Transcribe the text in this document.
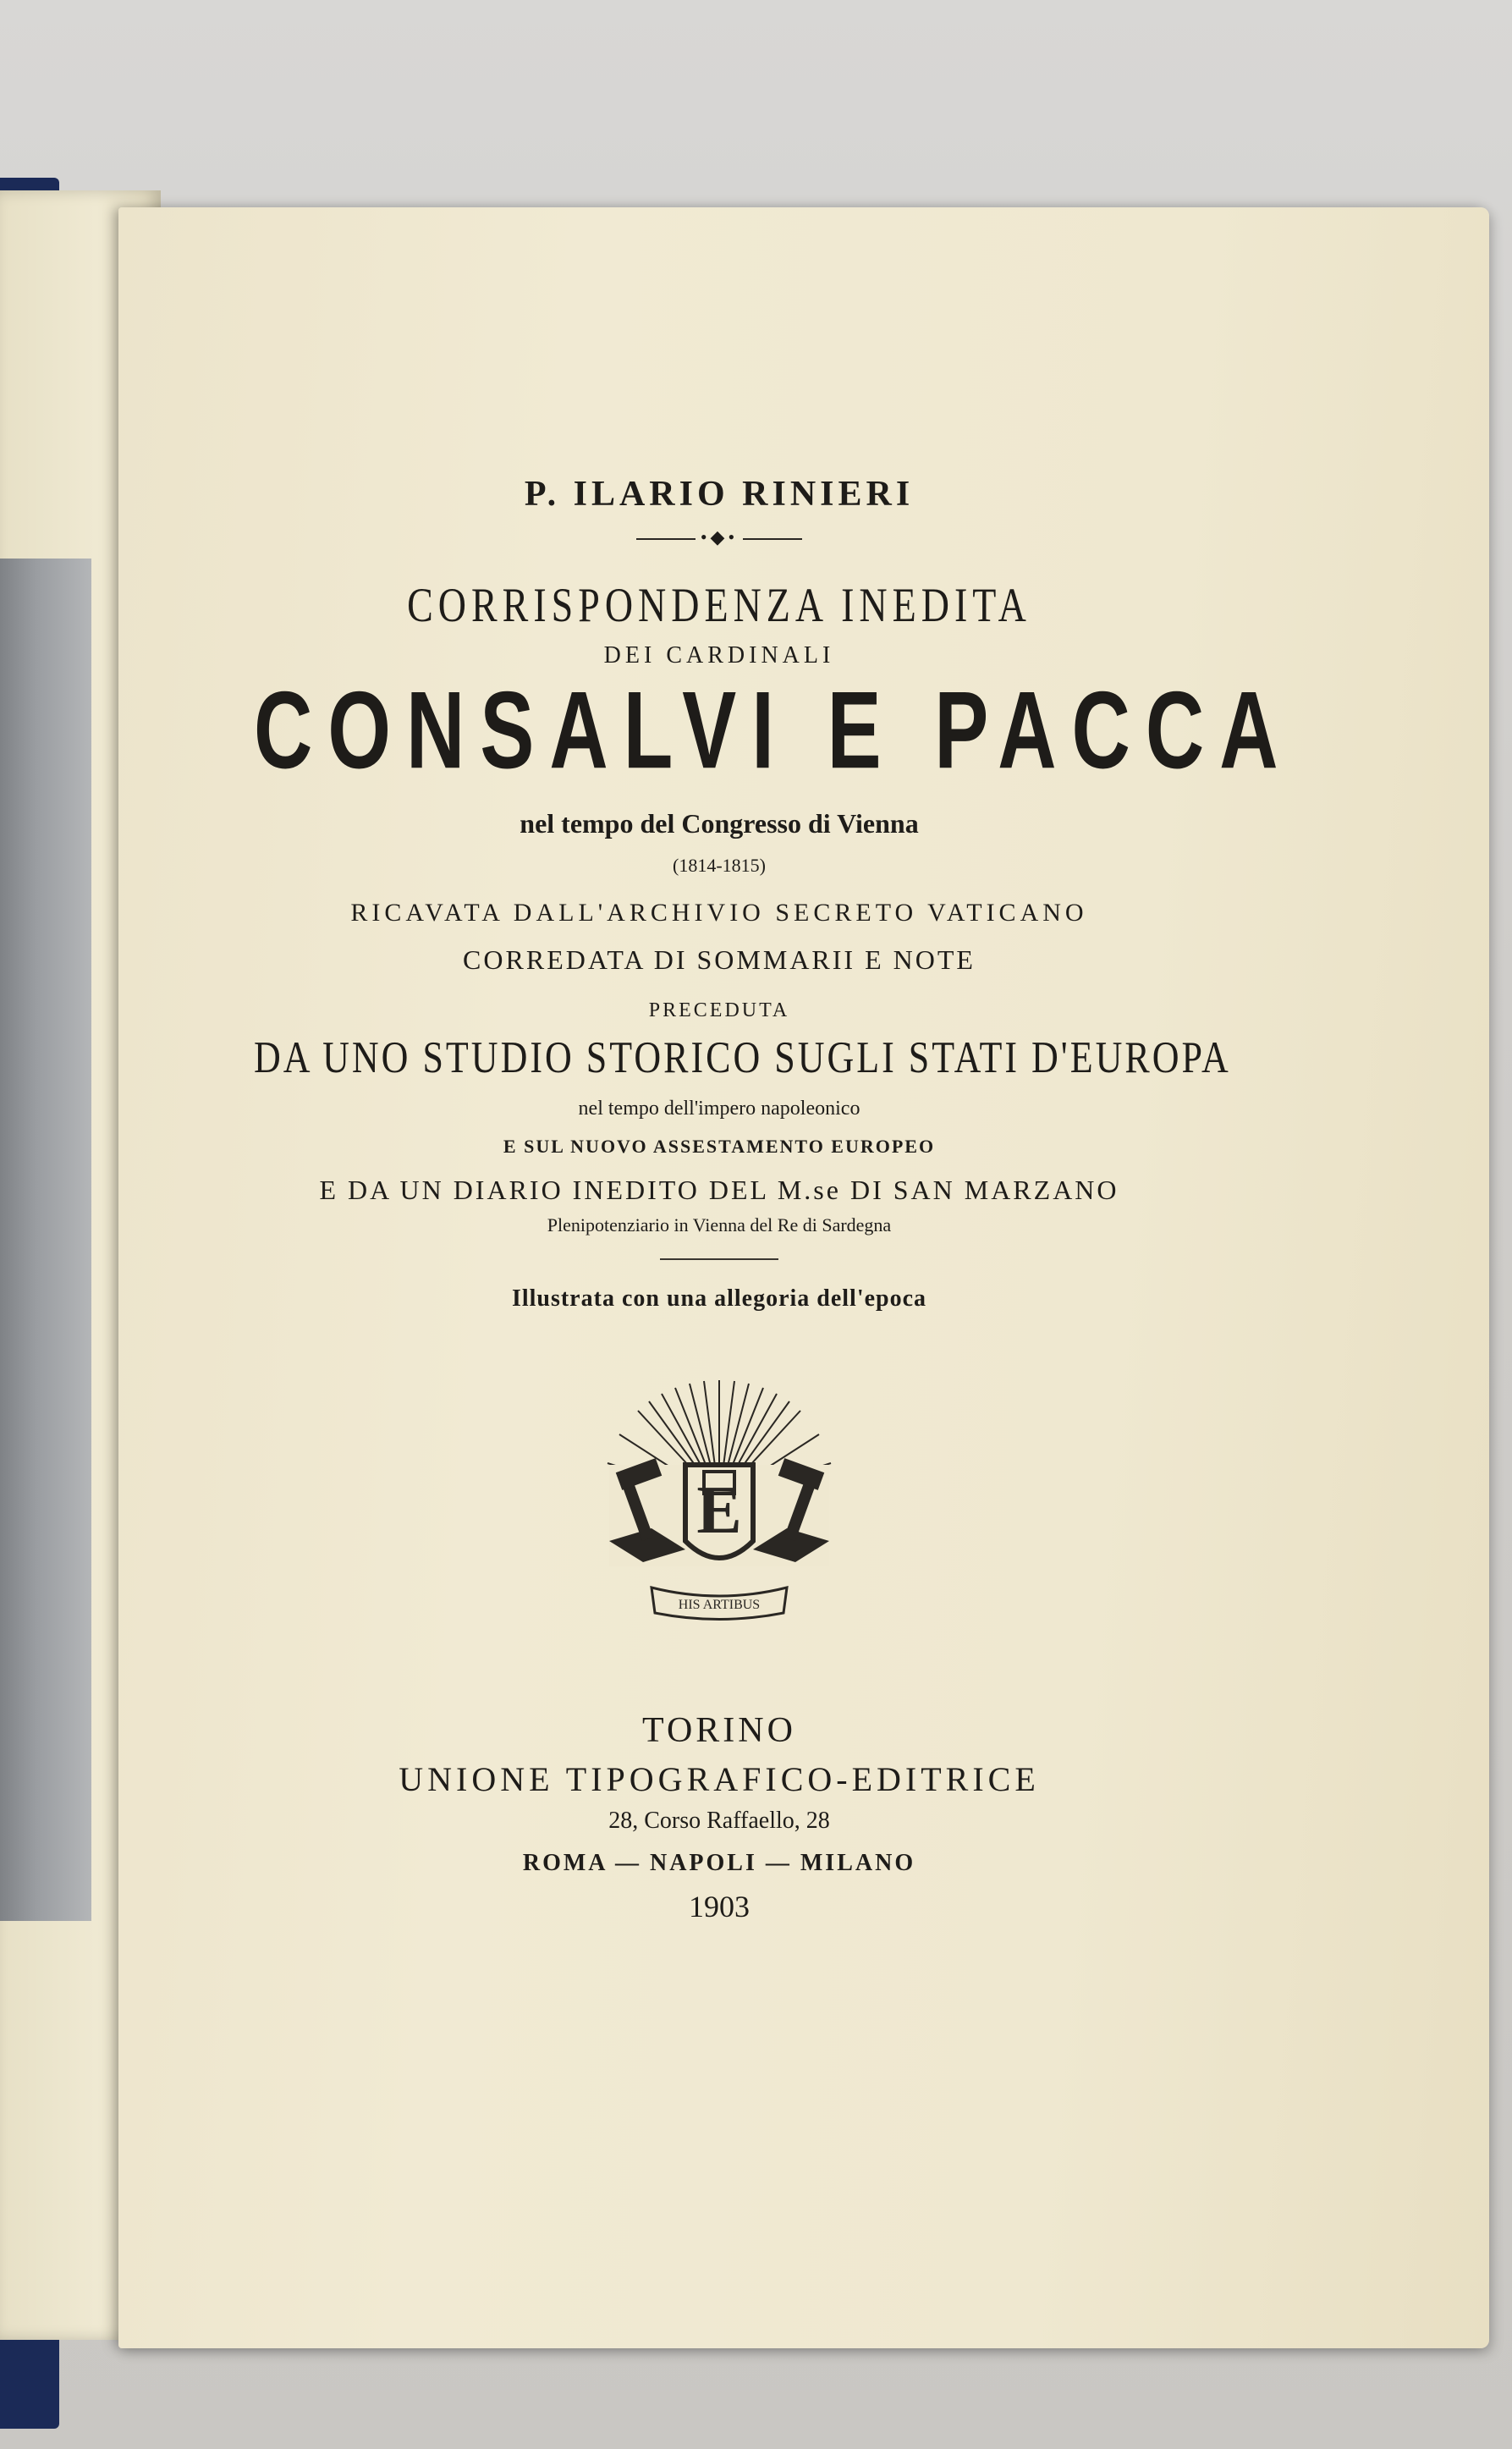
P. ILARIO RINIERI
•◆•
CORRISPONDENZA INEDITA
DEI CARDINALI
CONSALVI E PACCA
nel tempo del Congresso di Vienna
(1814-1815)
RICAVATA DALL'ARCHIVIO SECRETO VATICANO
CORREDATA DI SOMMARII E NOTE
PRECEDUTA
DA UNO STUDIO STORICO SUGLI STATI D'EUROPA
nel tempo dell'impero napoleonico
E SUL NUOVO ASSESTAMENTO EUROPEO
E DA UN DIARIO INEDITO DEL M.se DI SAN MARZANO
Plenipotenziario in Vienna del Re di Sardegna
Illustrata con una allegoria dell'epoca
E
HIS ARTIBUS
TORINO
UNIONE TIPOGRAFICO-EDITRICE
28, Corso Raffaello, 28
ROMA — NAPOLI — MILANO
1903
